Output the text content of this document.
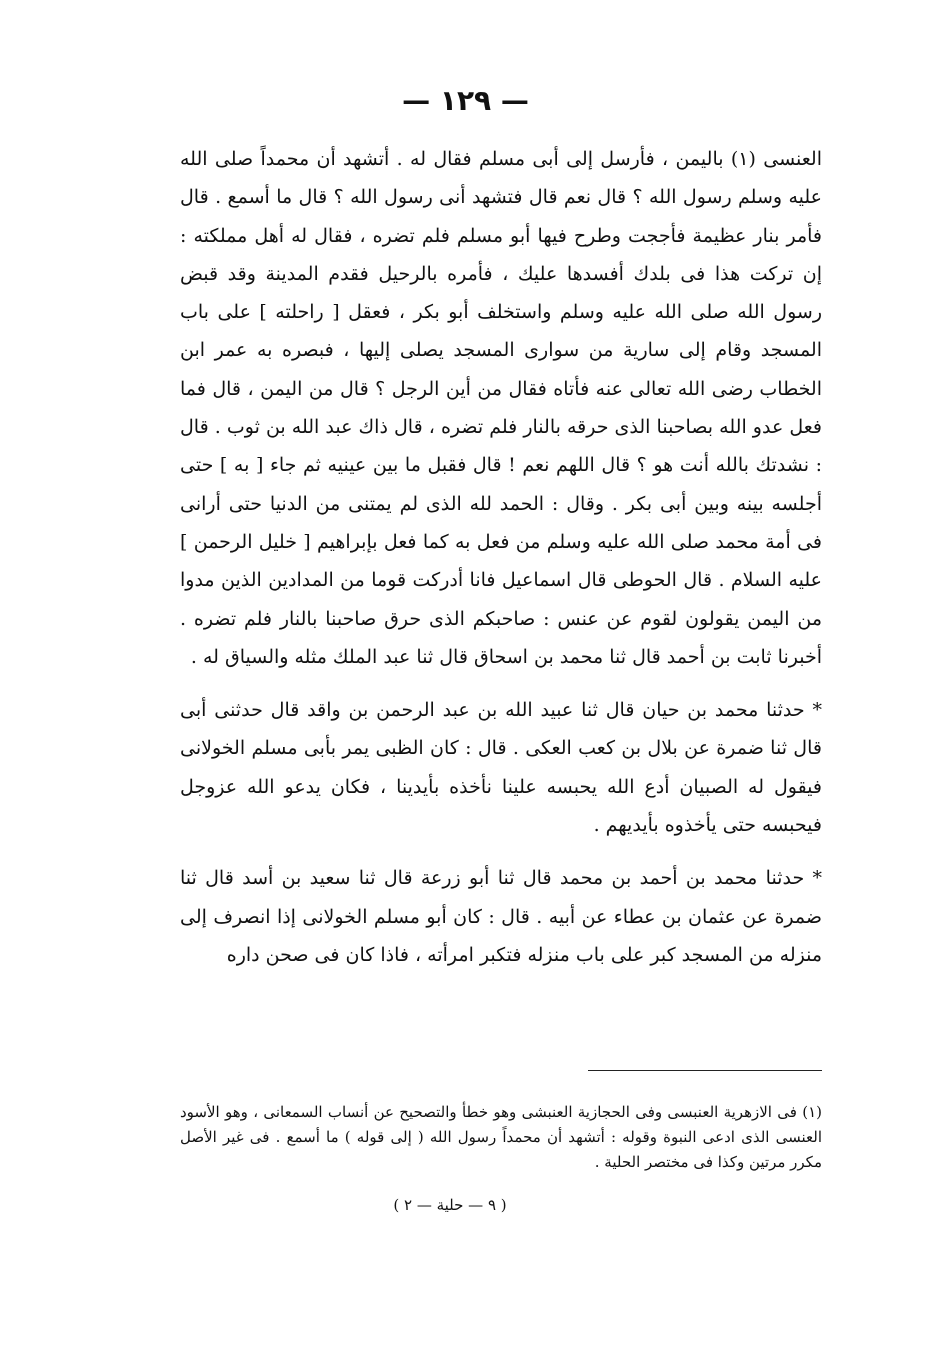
— ١٢٩ —

العنسى (١) باليمن ، فأرسل إلى أبى مسلم فقال له . أتشهد أن محمداً صلى الله عليه وسلم رسول الله ؟ قال نعم قال فتشهد أنى رسول الله ؟ قال ما أسمع . قال فأمر بنار عظيمة فأججت وطرح فيها أبو مسلم فلم تضره ، فقال له أهل مملكته : إن تركت هذا فى بلدك أفسدها عليك ، فأمره بالرحيل فقدم المدينة وقد قبض رسول الله صلى الله عليه وسلم واستخلف أبو بكر ، فعقل [ راحلته ] على باب المسجد وقام إلى سارية من سوارى المسجد يصلى إليها ، فبصره به عمر ابن الخطاب رضى الله تعالى عنه فأتاه فقال من أين الرجل ؟ قال من اليمن ، قال فما فعل عدو الله بصاحبنا الذى حرقه بالنار فلم تضره ، قال ذاك عبد الله بن ثوب . قال : نشدتك بالله أنت هو ؟ قال اللهم نعم ! قال فقبل ما بين عينيه ثم جاء [ به ] حتى أجلسه بينه وبين أبى بكر . وقال : الحمد لله الذى لم يمتنى من الدنيا حتى أرانى فى أمة محمد صلى الله عليه وسلم من فعل به كما فعل بإبراهيم [ خليل الرحمن ] عليه السلام . قال الحوطى قال اسماعيل فانا أدركت قوما من المدادين الذين مدوا من اليمن يقولون لقوم عن عنس : صاحبكم الذى حرق صاحبنا بالنار فلم تضره . أخبرنا ثابت بن أحمد قال ثنا محمد بن اسحاق قال ثنا عبد الملك مثله والسياق له .

* حدثنا محمد بن حيان قال ثنا عبيد الله بن عبد الرحمن بن واقد قال حدثنى أبى قال ثنا ضمرة عن بلال بن كعب العكى . قال : كان الظبى يمر بأبى مسلم الخولانى فيقول له الصبيان أدع الله يحبسه علينا نأخذه بأيدينا ، فكان يدعو الله عزوجل فيحبسه حتى يأخذوه بأيديهم .

* حدثنا محمد بن أحمد بن محمد قال ثنا أبو زرعة قال ثنا سعيد بن أسد قال ثنا ضمرة عن عثمان بن عطاء عن أبيه . قال : كان أبو مسلم الخولانى إذا انصرف إلى منزله من المسجد كبر على باب منزله فتكبر امرأته ، فاذا كان فى صحن داره

(١) فى الازهرية العنبسى وفى الحجازية العنبشى وهو خطأ والتصحيح عن أنساب السمعانى ، وهو الأسود العنسى الذى ادعى النبوة وقوله : أتشهد أن محمداً رسول الله ( إلى قوله ) ما أسمع . فى غير الأصل مكرر مرتين وكذا فى مختصر الحلية .

( ٩ — حلية — ٢ )
